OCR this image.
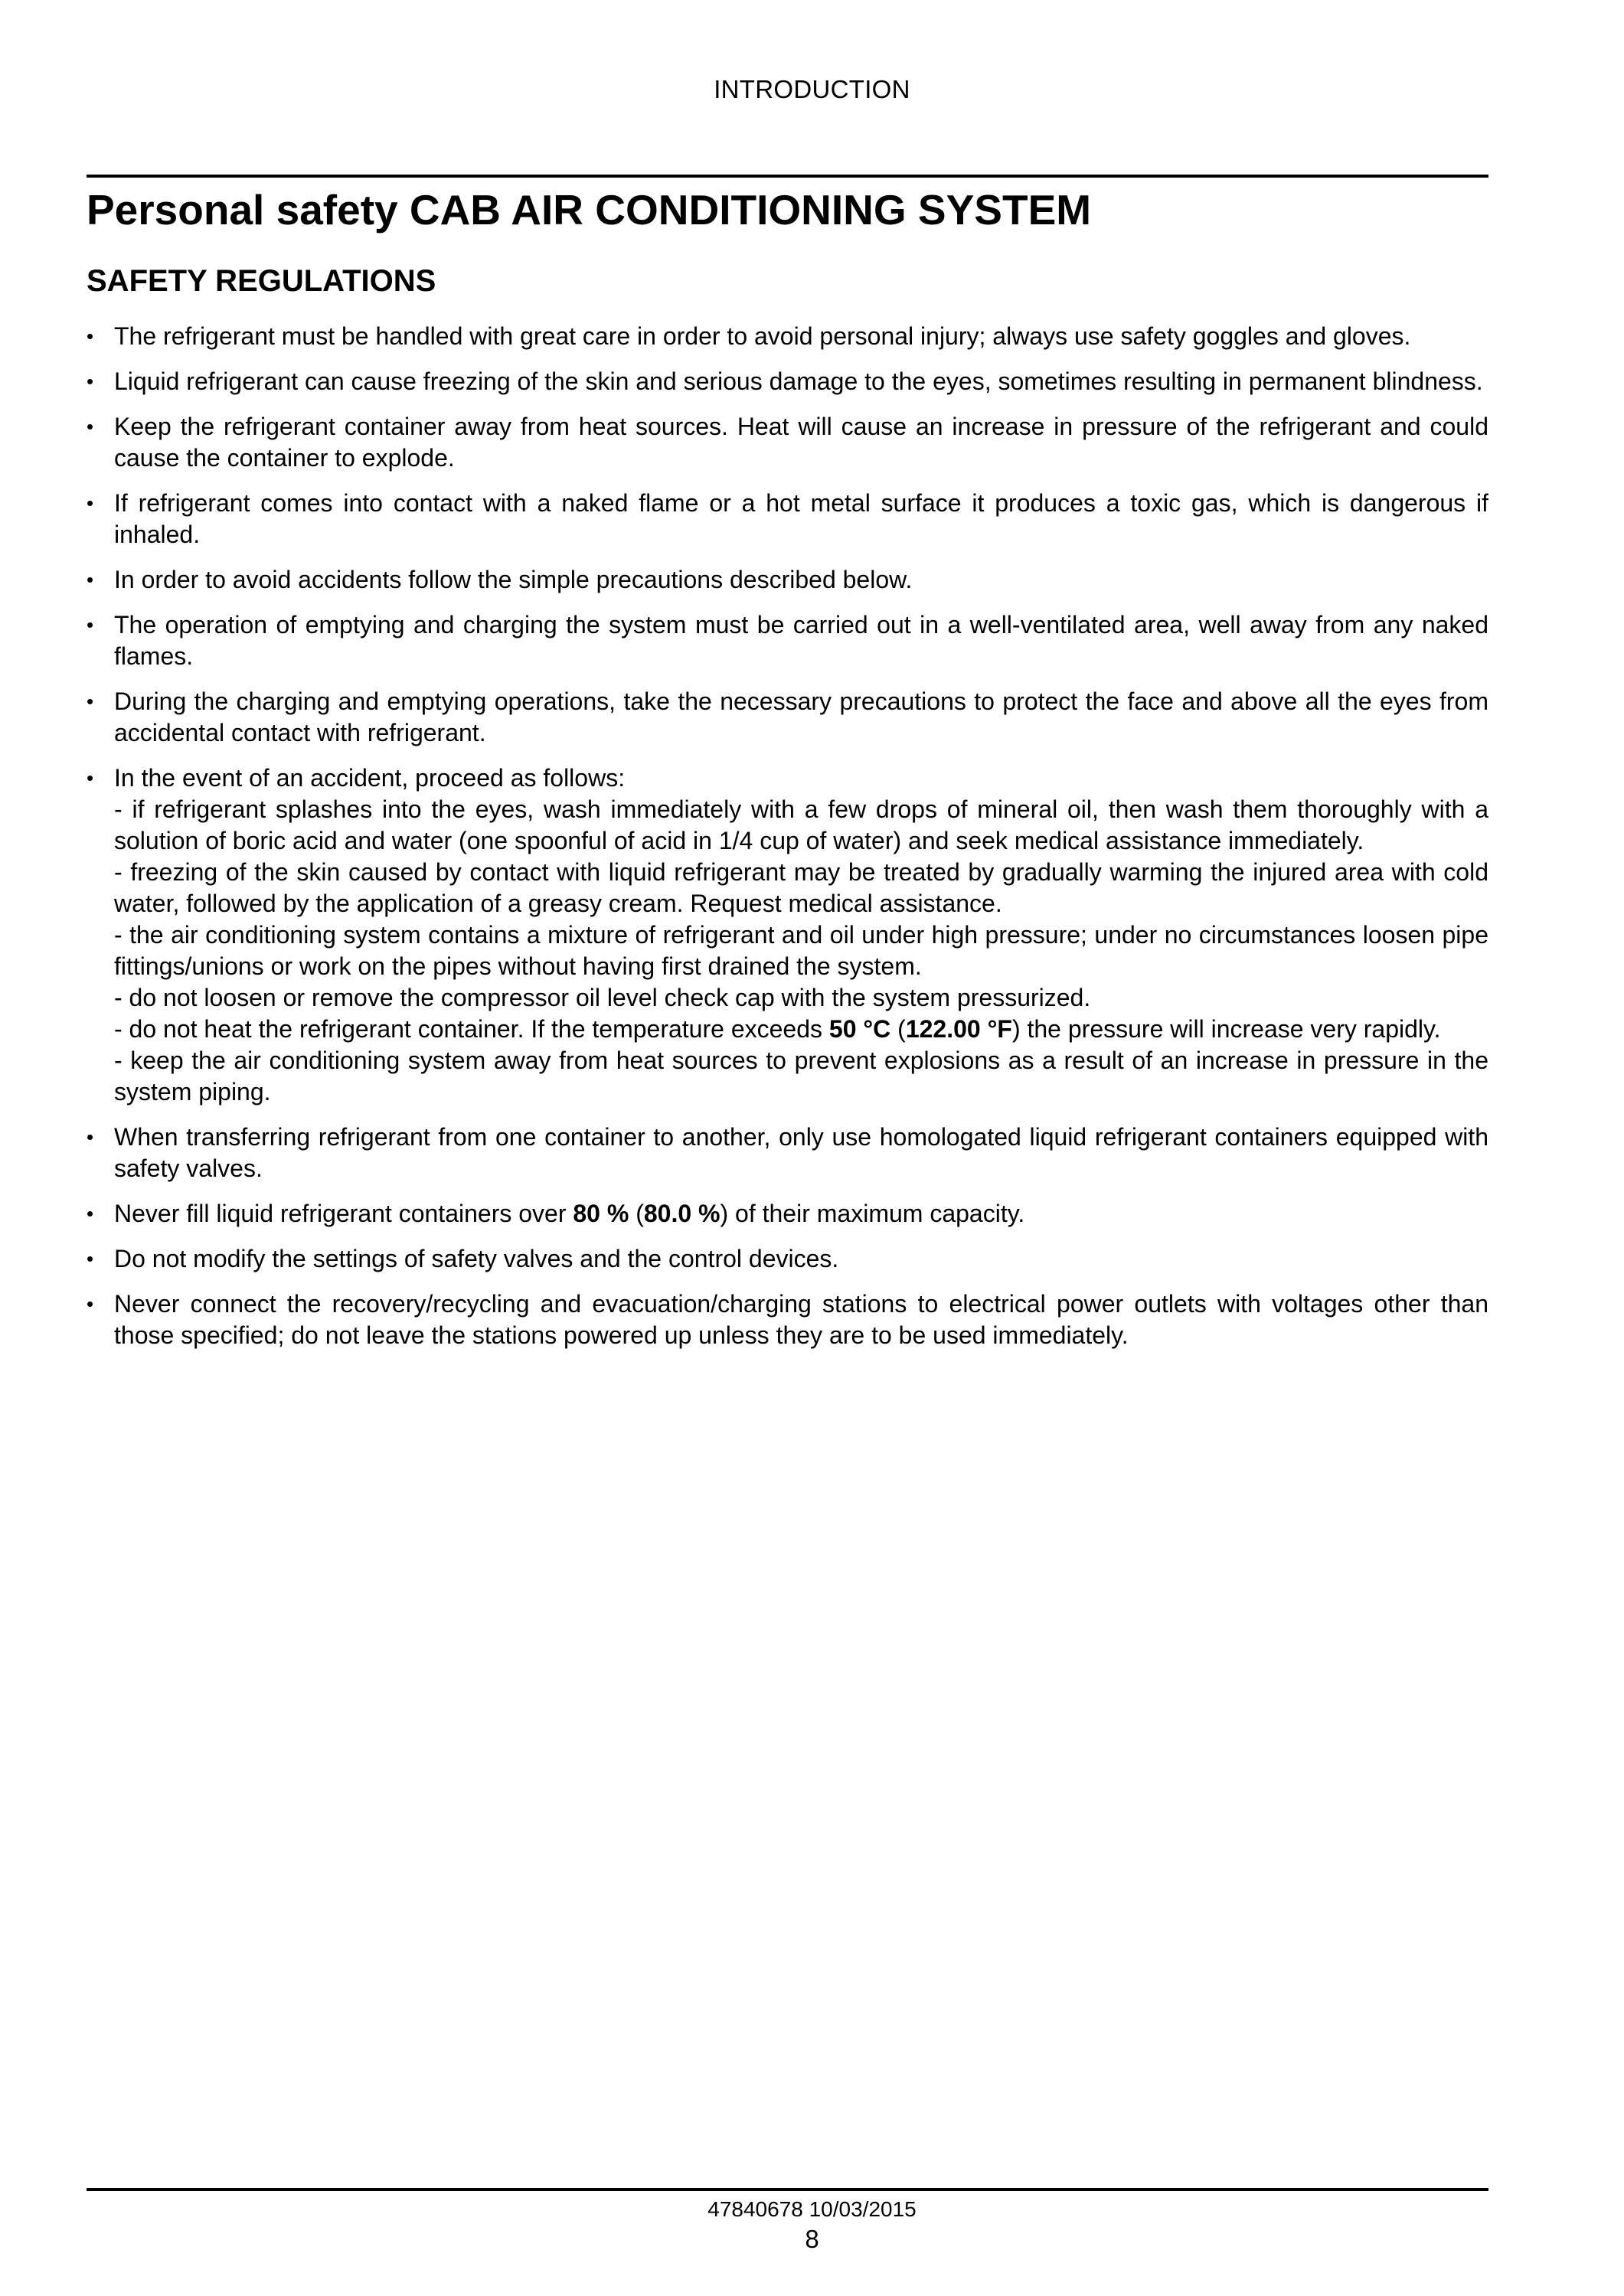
INTRODUCTION
Personal safety CAB AIR CONDITIONING SYSTEM
SAFETY REGULATIONS
• The refrigerant must be handled with great care in order to avoid personal injury; always use safety goggles and gloves.
• Liquid refrigerant can cause freezing of the skin and serious damage to the eyes, sometimes resulting in permanent blindness.
• Keep the refrigerant container away from heat sources. Heat will cause an increase in pressure of the refrigerant and could cause the container to explode.
• If refrigerant comes into contact with a naked flame or a hot metal surface it produces a toxic gas, which is dangerous if inhaled.
• In order to avoid accidents follow the simple precautions described below.
• The operation of emptying and charging the system must be carried out in a well-ventilated area, well away from any naked flames.
• During the charging and emptying operations, take the necessary precautions to protect the face and above all the eyes from accidental contact with refrigerant.
• In the event of an accident, proceed as follows:
- if refrigerant splashes into the eyes, wash immediately with a few drops of mineral oil, then wash them thoroughly with a solution of boric acid and water (one spoonful of acid in 1/4 cup of water) and seek medical assistance immediately.
- freezing of the skin caused by contact with liquid refrigerant may be treated by gradually warming the injured area with cold water, followed by the application of a greasy cream. Request medical assistance.
- the air conditioning system contains a mixture of refrigerant and oil under high pressure; under no circumstances loosen pipe fittings/unions or work on the pipes without having first drained the system.
- do not loosen or remove the compressor oil level check cap with the system pressurized.
- do not heat the refrigerant container. If the temperature exceeds 50 °C (122.00 °F) the pressure will increase very rapidly.
- keep the air conditioning system away from heat sources to prevent explosions as a result of an increase in pressure in the system piping.
• When transferring refrigerant from one container to another, only use homologated liquid refrigerant containers equipped with safety valves.
• Never fill liquid refrigerant containers over 80 % (80.0 %) of their maximum capacity.
• Do not modify the settings of safety valves and the control devices.
• Never connect the recovery/recycling and evacuation/charging stations to electrical power outlets with voltages other than those specified; do not leave the stations powered up unless they are to be used immediately.
47840678 10/03/2015
8
